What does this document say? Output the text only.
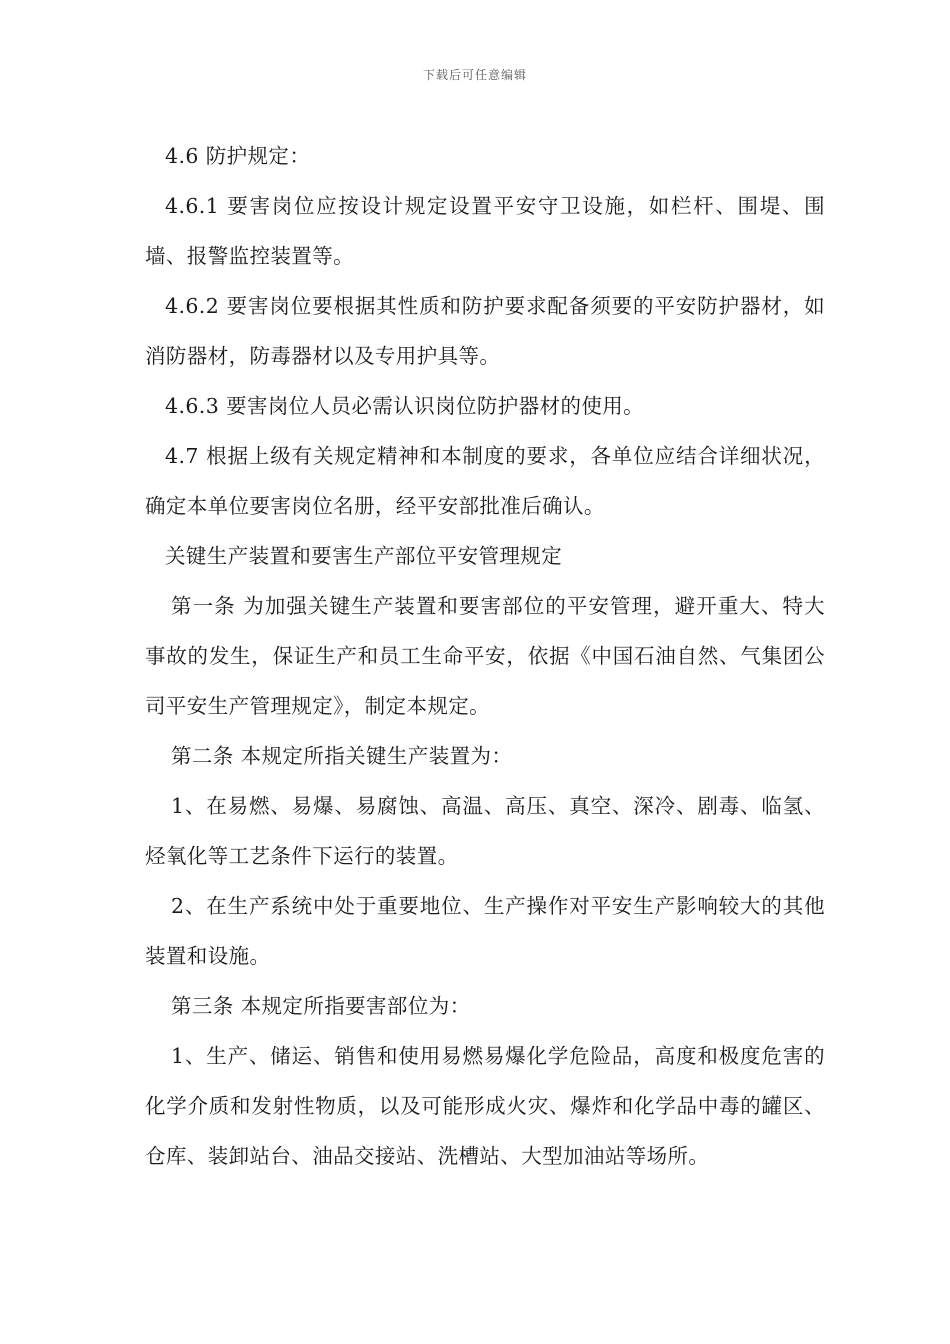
下载后可任意编辑

4.6 防护规定：

4.6.1 要害岗位应按设计规定设置平安守卫设施，如栏杆、围堤、围墙、报警监控装置等。

4.6.2 要害岗位要根据其性质和防护要求配备须要的平安防护器材，如消防器材，防毒器材以及专用护具等。

4.6.3 要害岗位人员必需认识岗位防护器材的使用。

4.7 根据上级有关规定精神和本制度的要求，各单位应结合详细状况，确定本单位要害岗位名册，经平安部批准后确认。

关键生产装置和要害生产部位平安管理规定

第一条 为加强关键生产装置和要害部位的平安管理，避开重大、特大事故的发生，保证生产和员工生命平安，依据《中国石油自然、气集团公司平安生产管理规定》，制定本规定。

第二条 本规定所指关键生产装置为：

1、在易燃、易爆、易腐蚀、高温、高压、真空、深冷、剧毒、临氢、烃氧化等工艺条件下运行的装置。

2、在生产系统中处于重要地位、生产操作对平安生产影响较大的其他装置和设施。

第三条 本规定所指要害部位为：

1、生产、储运、销售和使用易燃易爆化学危险品，高度和极度危害的化学介质和发射性物质，以及可能形成火灾、爆炸和化学品中毒的罐区、仓库、装卸站台、油品交接站、洗槽站、大型加油站等场所。
